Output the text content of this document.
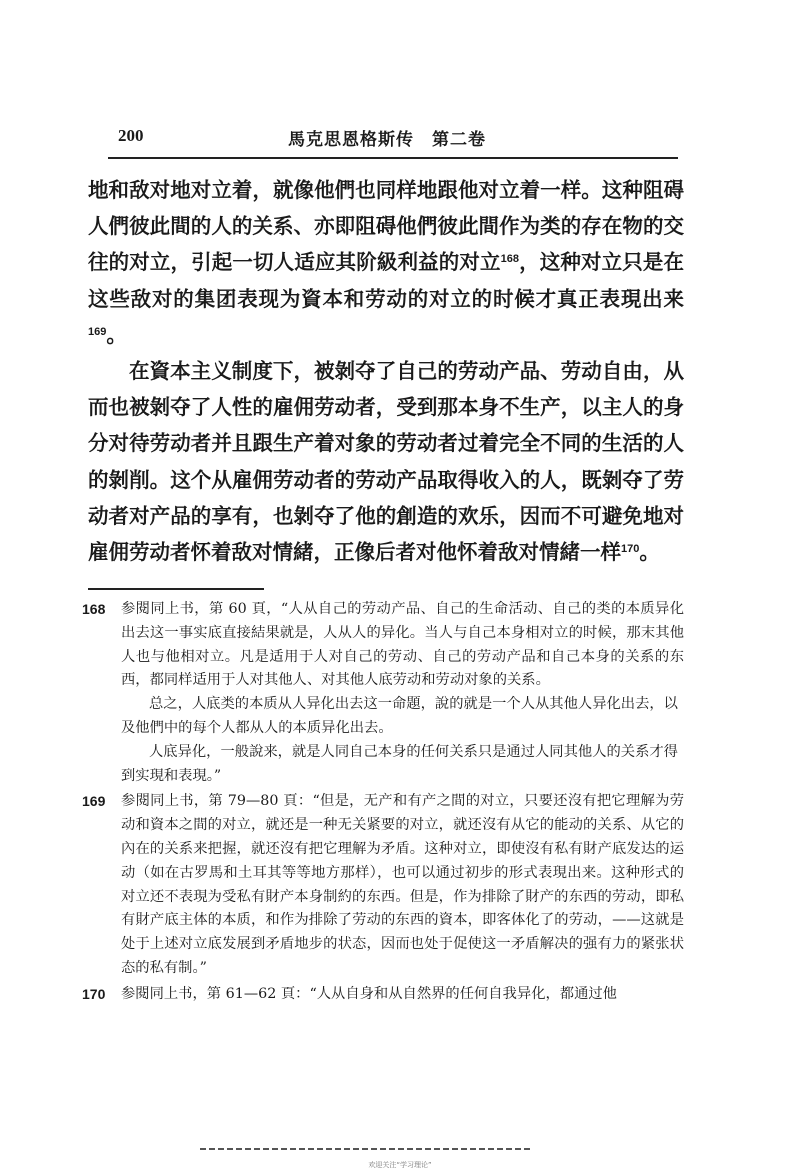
200	馬克思恩格斯传　第二卷

地和敌对地对立着，就像他們也同样地跟他对立着一样。这种阻碍人們彼此間的人的关系、亦即阻碍他們彼此間作为类的存在物的交往的对立，引起一切人适应其阶級利益的对立$^{168}$，这种对立只是在这些敌对的集团表现为資本和劳动的对立的时候才真正表現出来$^{169}$。

在資本主义制度下，被剝夺了自己的劳动产品、劳动自由，从而也被剝夺了人性的雇佣劳动者，受到那本身不生产，以主人的身分对待劳动者并且跟生产着对象的劳动者过着完全不同的生活的人的剝削。这个从雇佣劳动者的劳动产品取得收入的人，既剝夺了劳动者对产品的享有，也剝夺了他的創造的欢乐，因而不可避免地对雇佣劳动者怀着敌对情緒，正像后者对他怀着敌对情緒一样$^{170}$。

168 参閱同上书，第 60 頁，“人从自己的劳动产品、自己的生命活动、自己的类的本质异化出去这一事实底直接結果就是，人从人的异化。当人与自己本身相对立的时候，那末其他人也与他相对立。凡是适用于人对自己的劳动、自己的劳动产品和自己本身的关系的东西，都同样适用于人对其他人、对其他人底劳动和劳动对象的关系。
总之，人底类的本质从人异化出去这一命題，說的就是一个人从其他人异化出去，以及他們中的每个人都从人的本质异化出去。
人底异化，一般說来，就是人同自己本身的任何关系只是通过人同其他人的关系才得到实現和表現。”
169 参閱同上书，第 79—80 頁：“但是，无产和有产之間的对立，只要还沒有把它理解为劳动和資本之間的对立，就还是一种无关紧要的对立，就还沒有从它的能动的关系、从它的內在的关系来把握，就还沒有把它理解为矛盾。这种对立，即使沒有私有財产底发达的运动（如在古罗馬和土耳其等等地方那样），也可以通过初步的形式表現出来。这种形式的对立还不表現为受私有財产本身制約的东西。但是，作为排除了財产的东西的劳动，即私有財产底主体的本质，和作为排除了劳动的东西的資本，即客体化了的劳动，——这就是处于上述对立底发展到矛盾地步的状态，因而也处于促使这一矛盾解决的强有力的紧张状态的私有制。”
170 参閱同上书，第 61—62 頁：“人从自身和从自然界的任何自我异化，都通过他
欢迎关注“学习理论”
